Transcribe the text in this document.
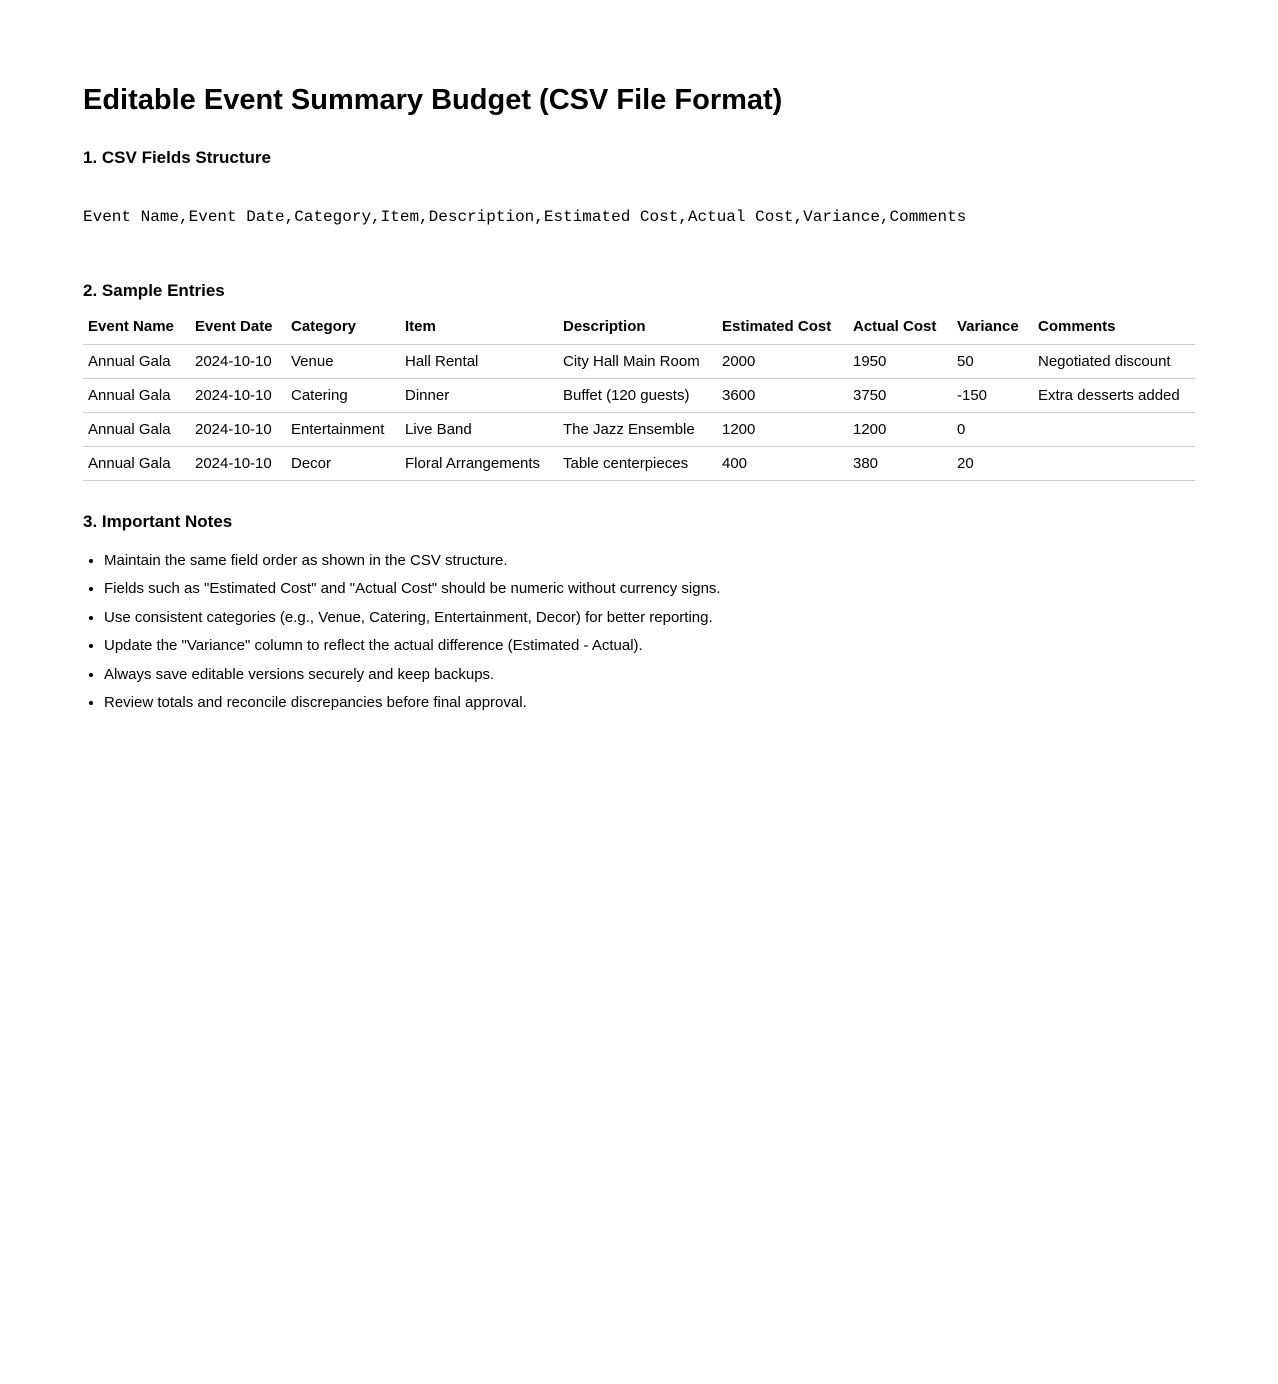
Editable Event Summary Budget (CSV File Format)
1. CSV Fields Structure
Event Name,Event Date,Category,Item,Description,Estimated Cost,Actual Cost,Variance,Comments
2. Sample Entries
Event Name	Event Date	Category	Item	Description	Estimated Cost	Actual Cost	Variance	Comments
Annual Gala	2024-10-10	Venue	Hall Rental	City Hall Main Room	2000	1950	50	Negotiated discount
Annual Gala	2024-10-10	Catering	Dinner	Buffet (120 guests)	3600	3750	-150	Extra desserts added
Annual Gala	2024-10-10	Entertainment	Live Band	The Jazz Ensemble	1200	1200	0	
Annual Gala	2024-10-10	Decor	Floral Arrangements	Table centerpieces	400	380	20	
3. Important Notes
• Maintain the same field order as shown in the CSV structure.
• Fields such as "Estimated Cost" and "Actual Cost" should be numeric without currency signs.
• Use consistent categories (e.g., Venue, Catering, Entertainment, Decor) for better reporting.
• Update the "Variance" column to reflect the actual difference (Estimated - Actual).
• Always save editable versions securely and keep backups.
• Review totals and reconcile discrepancies before final approval.
